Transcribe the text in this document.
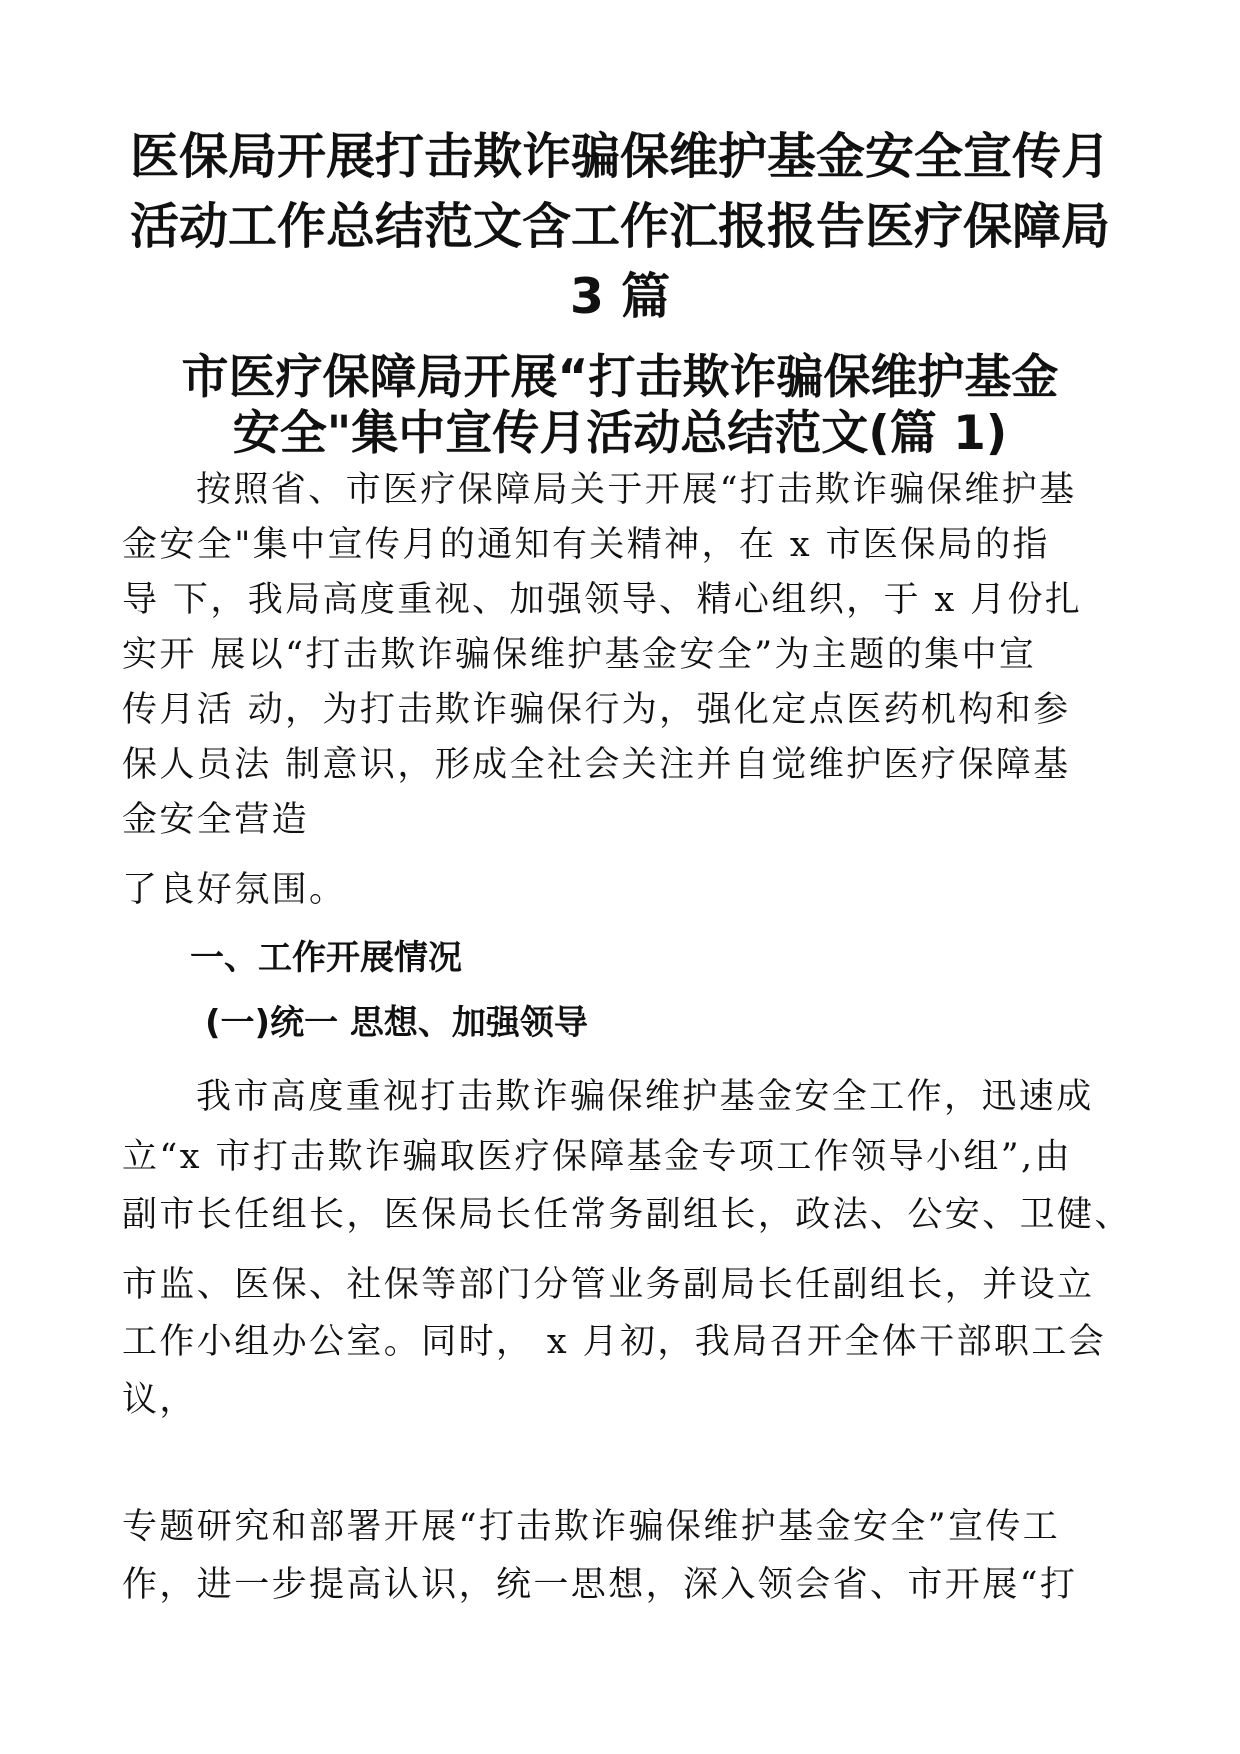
医保局开展打击欺诈骗保维护基金安全宣传月
活动工作总结范文含工作汇报报告医疗保障局
3 篇
市医疗保障局开展“打击欺诈骗保维护基金
安全"集中宣传月活动总结范文(篇 1)

按照省、市医疗保障局关于开展“打击欺诈骗保维护基

金安全"集中宣传月的通知有关精神，在 x 市医保局的指

导 下，我局高度重视、加强领导、精心组织，于 x 月份扎

实开 展以“打击欺诈骗保维护基金安全”为主题的集中宣

传月活 动，为打击欺诈骗保行为，强化定点医药机构和参

保人员法 制意识，形成全社会关注并自觉维护医疗保障基

金安全营造

了良好氛围。

一、工作开展情况
(一)统一 思想、加强领导

我市高度重视打击欺诈骗保维护基金安全工作，迅速成

立“x 市打击欺诈骗取医疗保障基金专项工作领导小组”,由

副市长任组长，医保局长任常务副组长，政法、公安、卫健、

市监、医保、社保等部门分管业务副局长任副组长，并设立

工作小组办公室。同时， x 月初，我局召开全体干部职工会

议，

专题研究和部署开展“打击欺诈骗保维护基金安全”宣传工

作，进一步提高认识，统一思想，深入领会省、市开展“打
